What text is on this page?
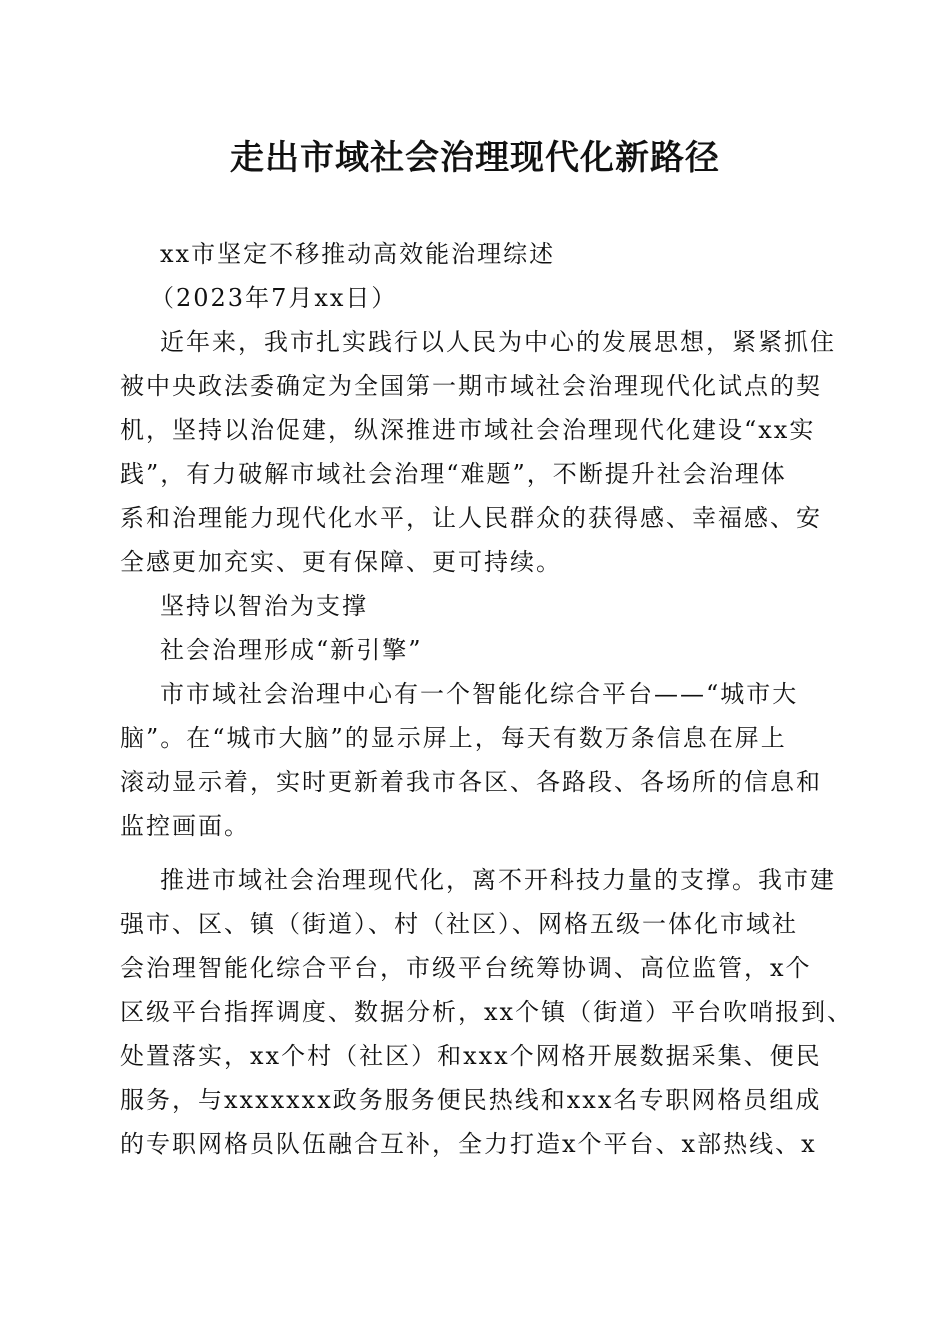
走出市域社会治理现代化新路径
xx市坚定不移推动高效能治理综述
（2023年7月xx日）
近年来，我市扎实践行以人民为中心的发展思想，紧紧抓住
被中央政法委确定为全国第一期市域社会治理现代化试点的契
机，坚持以治促建，纵深推进市域社会治理现代化建设“xx实
践”，有力破解市域社会治理“难题”，不断提升社会治理体
系和治理能力现代化水平，让人民群众的获得感、幸福感、安
全感更加充实、更有保障、更可持续。
坚持以智治为支撑
社会治理形成“新引擎”
市市域社会治理中心有一个智能化综合平台——“城市大
脑”。在“城市大脑”的显示屏上，每天有数万条信息在屏上
滚动显示着，实时更新着我市各区、各路段、各场所的信息和
监控画面。
推进市域社会治理现代化，离不开科技力量的支撑。我市建
强市、区、镇（街道）、村（社区）、网格五级一体化市域社
会治理智能化综合平台，市级平台统筹协调、高位监管，x个
区级平台指挥调度、数据分析，xx个镇（街道）平台吹哨报到、
处置落实，xx个村（社区）和xxx个网格开展数据采集、便民
服务，与xxxxxxx政务服务便民热线和xxx名专职网格员组成
的专职网格员队伍融合互补，全力打造x个平台、x部热线、x
